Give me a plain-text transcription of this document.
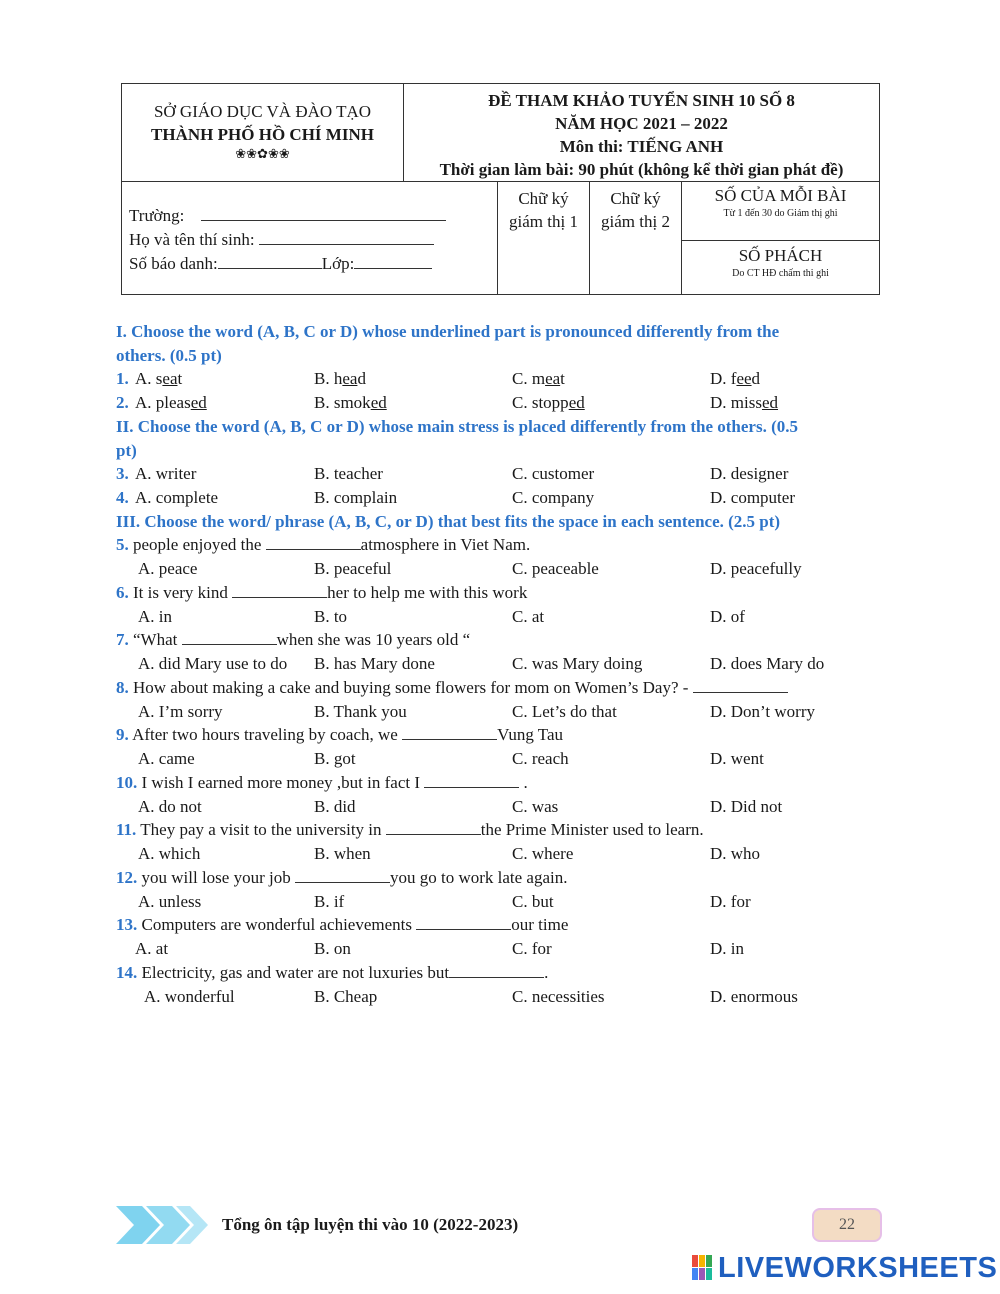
SỞ GIÁO DỤC VÀ ĐÀO TẠO
THÀNH PHỐ HỒ CHÍ MINH
❀❀✿❀❀
ĐỀ THAM KHẢO TUYỂN SINH 10 SỐ 8
NĂM HỌC 2021 – 2022
Môn thi: TIẾNG ANH
Thời gian làm bài: 90 phút (không kể thời gian phát đề)
Trường:
Họ và tên thí sinh:
Số báo danh:	Lớp:
Chữ ký
giám thị 1
Chữ ký
giám thị 2
SỐ CỦA MỖI BÀI
Từ 1 đến 30 do Giám thị ghi
SỐ PHÁCH
Do CT HĐ chấm thi ghi
I. Choose the word (A, B, C or D) whose underlined part is pronounced differently from the
others. (0.5 pt)
1. A. seat	B. head	C. meat	D. feed
2. A. pleased	B. smoked	C. stopped	D. missed
II. Choose the word (A, B, C or D) whose main stress is placed differently from the others. (0.5
pt)
3. A. writer	B. teacher	C. customer	D. designer
4. A. complete	B. complain	C. company	D. computer
III. Choose the word/ phrase (A, B, C, or D) that best fits the space in each sentence. (2.5 pt)
5. people enjoyed the	atmosphere in Viet Nam.
A. peace	B. peaceful	C. peaceable	D. peacefully
6. It is very kind	her to help me with this work
A. in	B. to	C. at	D. of
7. “What	when she was 10 years old “
A. did Mary use to do B. has Mary done	C. was Mary doing	D. does Mary do
8. How about making a cake and buying some flowers for mom on Women’s Day? -
A. I’m sorry	B. Thank you	C. Let’s do that	D. Don’t worry
9. After two hours traveling by coach, we	Vung Tau
A. came	B. got	C. reach	D. went
10. I wish I earned more money ,but in fact I	.
A. do not	B. did	C. was	D. Did not
11. They pay a visit to the university in	the Prime Minister used to learn.
A. which	B. when	C. where	D. who
12. you will lose your job	you go to work late again.
A. unless	B. if	C. but	D. for
13. Computers are wonderful achievements	our time
A. at	B. on	C. for	D. in
14. Electricity, gas and water are not luxuries but	.
A. wonderful	B. Cheap	C. necessities	D. enormous
Tổng ôn tập luyện thi vào 10 (2022-2023)	22
LIVEWORKSHEETS
